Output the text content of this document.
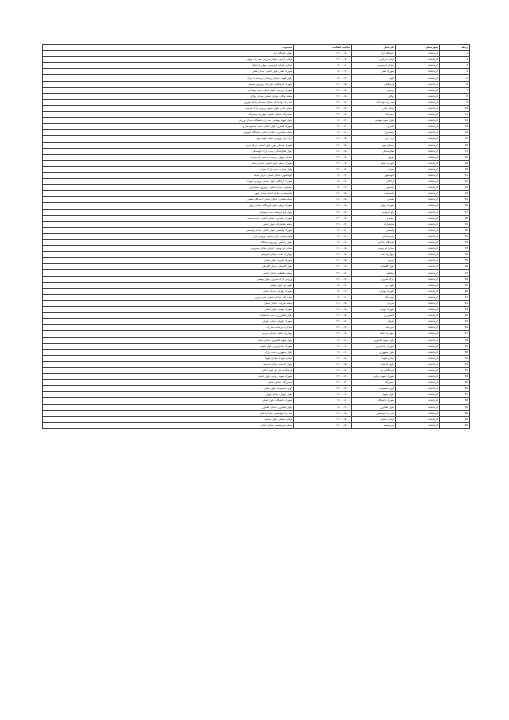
ردیف	شهرستان	نام محل	ساعت فعالیت	محدوده
1	کرمانشاه	دانشگاه آزاد	۱۴:۰۰-۱۶:۰۰	بلوار دانشگاه آزاد
2	کرمانشاه	میدان مرکزی	۱۴:۰۰-۱۶:۰۰	میدان آزادی، خیابان مدرس، سه راه نوبهار
3	کرمانشاه	خیابان فردوسی	۰۹:۰۰-۱۱:۰۰	ابتدای خیابان فردوسی، چهارراه اجاق
4	کرمانشاه	شهرک ظفر	۰۹:۰۰-۱۱:۰۰	شهرک ظفر، بلوار اصلی، میدان ظفر
5	کرمانشاه	الهیه	۰۹:۰۰-۱۱:۰۰	بلوار الهیه، خیابان پرستار، نرسیده به پارک
6	کرمانشاه	فرهنگیان	۱۶:۰۰-۱۸:۰۰	شهرک فرهنگیان، فاز یک، روبروی مسجد
7	کرمانشاه	پردیس	۱۶:۰۰-۱۸:۰۰	شهرک پردیس، بلوار اصلی، جنب بوستان
8	کرمانشاه	نوکان	۱۶:۰۰-۱۸:۰۰	محله نوکان، خیابان اصلی، میدان نوکان
9	کرمانشاه	سه راه دولت‌آباد	۱۴:۰۰-۱۶:۰۰	سه راه دولت‌آباد، خیابان مصدق، پایانه شهری
10	کرمانشاه	میدان مادر	۱۴:۰۰-۱۶:۰۰	میدان مادر، بلوار بسیج، ورودی پارک شرقی
11	کرمانشاه	جعفرآباد	۱۴:۰۰-۱۶:۰۰	جعفرآباد، خیابان اصلی، چهارراه جعفرآباد
12	کرمانشاه	بلوار شهید بهشتی	۰۹:۰۰-۱۱:۰۰	بلوار شهید بهشتی، سه راه دانشگاه، میدان ورزش
13	کرمانشاه	کسری	۰۹:۰۰-۱۱:۰۰	شهرک کسری، بلوار اصلی، جنب مجتمع تجاری
14	کرمانشاه	چقامیرزا	۰۹:۰۰-۱۱:۰۰	محله چقامیرزا، خیابان اصلی، ایستگاه اتوبوس
15	کرمانشاه	دره دراز	۱۶:۰۰-۱۸:۰۰	دره دراز، ورودی محله، کوچه بهار
16	کرمانشاه	مسکن مهر	۱۶:۰۰-۱۸:۰۰	شهرک مسکن مهر، بلوار اصلی، مرکز خرید
17	کرمانشاه	طاق‌بستان	۱۶:۰۰-۱۸:۰۰	بلوار طاق‌بستان، جنب پارک کوهستان
18	کرمانشاه	نوبهار	۱۴:۰۰-۱۶:۰۰	خیابان نوبهار، نرسیده به سه راه سراب
19	کرمانشاه	شهرک معلم	۱۴:۰۰-۱۶:۰۰	شهرک معلم، بلوار اصلی، میدان معلم
20	کرمانشاه	سراب	۱۴:۰۰-۱۶:۰۰	بلوار سراب، جنب پارک سراب
21	کرمانشاه	کیهانشهر	۰۹:۰۰-۱۱:۰۰	کیهانشهر، خیابان اصلی، مرکز محله
22	کرمانشاه	آزادگان	۰۹:۰۰-۱۱:۰۰	شهرک آزادگان، بلوار اصلی، ورودی شهرک
23	کرمانشاه	بیستون	۰۹:۰۰-۱۱:۰۰	بیستون، میدان اصلی، روبروی بخشداری
24	کرمانشاه	ماهیدشت	۱۶:۰۰-۱۸:۰۰	ماهیدشت، خیابان امام، میدان شهر
25	کرمانشاه	هلشی	۱۶:۰۰-۱۸:۰۰	محله هلشی، خیابان اصلی، ایستگاه هلشی
26	کرمانشاه	شهرک پرواز	۱۶:۰۰-۱۸:۰۰	شهرک پرواز، بلوار فرودگاه، میدان پرواز
27	کرمانشاه	باغ ابریشم	۱۴:۰۰-۱۶:۰۰	بلوار باغ ابریشم، جنب بوستان
28	کرمانشاه	رشیدی	۱۴:۰۰-۱۶:۰۰	شهرک رشیدی، خیابان اصلی، جنب مسجد
29	کرمانشاه	شاطرآباد	۱۴:۰۰-۱۶:۰۰	محله شاطرآباد، بلوار اصلی
30	کرمانشاه	ولیعصر	۰۹:۰۰-۱۱:۰۰	شهرک ولیعصر، بلوار اصلی، میدان ولیعصر
31	کرمانشاه	سبزه‌میدان	۰۹:۰۰-۱۱:۰۰	سبزه‌میدان، بازار سنتی، ورودی بازار
32	کرمانشاه	ایستگاه راه‌آهن	۰۹:۰۰-۱۱:۰۰	بلوار راه‌آهن، روبروی ایستگاه
33	کرمانشاه	میدان فردوسی	۱۶:۰۰-۱۸:۰۰	میدان فردوسی، ابتدای خیابان سیروس
34	کرمانشاه	چهارراه نفت	۱۶:۰۰-۱۸:۰۰	چهارراه نفت، خیابان شریعتی
35	کرمانشاه	امیریه	۱۶:۰۰-۱۸:۰۰	شهرک امیریه، بلوار اصلی
36	کرمانشاه	بلوار گلستان	۱۴:۰۰-۱۶:۰۰	بلوار گلستان، میدان گلستان
37	کرمانشاه	حافظیه	۱۴:۰۰-۱۶:۰۰	محله حافظیه، خیابان اصلی
38	کرمانشاه	پارک شیرین	۱۴:۰۰-۱۶:۰۰	ورودی پارک شیرین، بلوار بهشتی
39	کرمانشاه	الهیه دو	۰۹:۰۰-۱۱:۰۰	الهیه دو، بلوار نیلوفر
40	کرمانشاه	شهرک بهاران	۰۹:۰۰-۱۱:۰۰	شهرک بهاران، میدان اصلی
41	کرمانشاه	دولت‌آباد	۰۹:۰۰-۱۱:۰۰	دولت‌آباد، خیابان اصلی، پمپ بنزین
42	کرمانشاه	سرتپ	۱۶:۰۰-۱۸:۰۰	محله سرتپ، خیابان اصلی
43	کرمانشاه	شهرک مهدیه	۱۶:۰۰-۱۸:۰۰	شهرک مهدیه، بلوار اصلی
44	کرمانشاه	کشاورزی	۱۶:۰۰-۱۸:۰۰	بلوار کشاورزی، جنب دانشکده
45	کرمانشاه	نیلوفر	۱۴:۰۰-۱۶:۰۰	شهرک نیلوفر، میدان نیلوفر
46	کرمانشاه	دبیرخانه	۱۴:۰۰-۱۶:۰۰	خیابان دبیرخانه، سه راه
47	کرمانشاه	چهارراه اجاق	۱۴:۰۰-۱۶:۰۰	چهارراه اجاق، خیابان مدرس
48	کرمانشاه	بلوار شهید کشوری	۰۹:۰۰-۱۱:۰۰	بلوار شهید کشوری، میدان سپاه
49	کرمانشاه	شهرک ژاندارمری	۰۹:۰۰-۱۱:۰۰	شهرک ژاندارمری، بلوار اصلی
50	کرمانشاه	بلوار جمهوری	۰۹:۰۰-۱۱:۰۰	بلوار جمهوری، جنب پارک
51	کرمانشاه	میدان شهدا	۱۶:۰۰-۱۸:۰۰	میدان شهدا، خیابان شهدا
52	کرمانشاه	بلوار اندیشه	۱۶:۰۰-۱۸:۰۰	بلوار اندیشه، میدان اندیشه
53	کرمانشاه	فرهنگیان دو	۱۶:۰۰-۱۸:۰۰	فرهنگیان فاز دو، بلوار اصلی
54	کرمانشاه	شهرک شهید رجایی	۱۴:۰۰-۱۶:۰۰	شهرک شهید رجایی، بلوار اصلی
55	کرمانشاه	حسن‌آباد	۱۴:۰۰-۱۶:۰۰	حسن‌آباد، خیابان اصلی
56	کرمانشاه	کوی مسعودیه	۱۴:۰۰-۱۶:۰۰	کوی مسعودیه، بلوار اصلی
57	کرمانشاه	بلوار نوبهار	۰۹:۰۰-۱۱:۰۰	بلوار نوبهار، میدان نوبهار
58	کرمانشاه	شهرک دانشگاه	۰۹:۰۰-۱۱:۰۰	شهرک دانشگاه، بلوار اصلی
59	کرمانشاه	بلوار کشاورز	۰۹:۰۰-۱۱:۰۰	بلوار کشاورز، میدان کشاورز
60	کرمانشاه	سه راه جوانشیر	۱۶:۰۰-۱۸:۰۰	سه راه جوانشیر، خیابان اصلی
61	کرمانشاه	میدان مصلی	۱۶:۰۰-۱۸:۰۰	میدان مصلی، بلوار مصلی
62	کرمانشاه	سرچشمه	۱۶:۰۰-۱۸:۰۰	محله سرچشمه، خیابان اصلی
